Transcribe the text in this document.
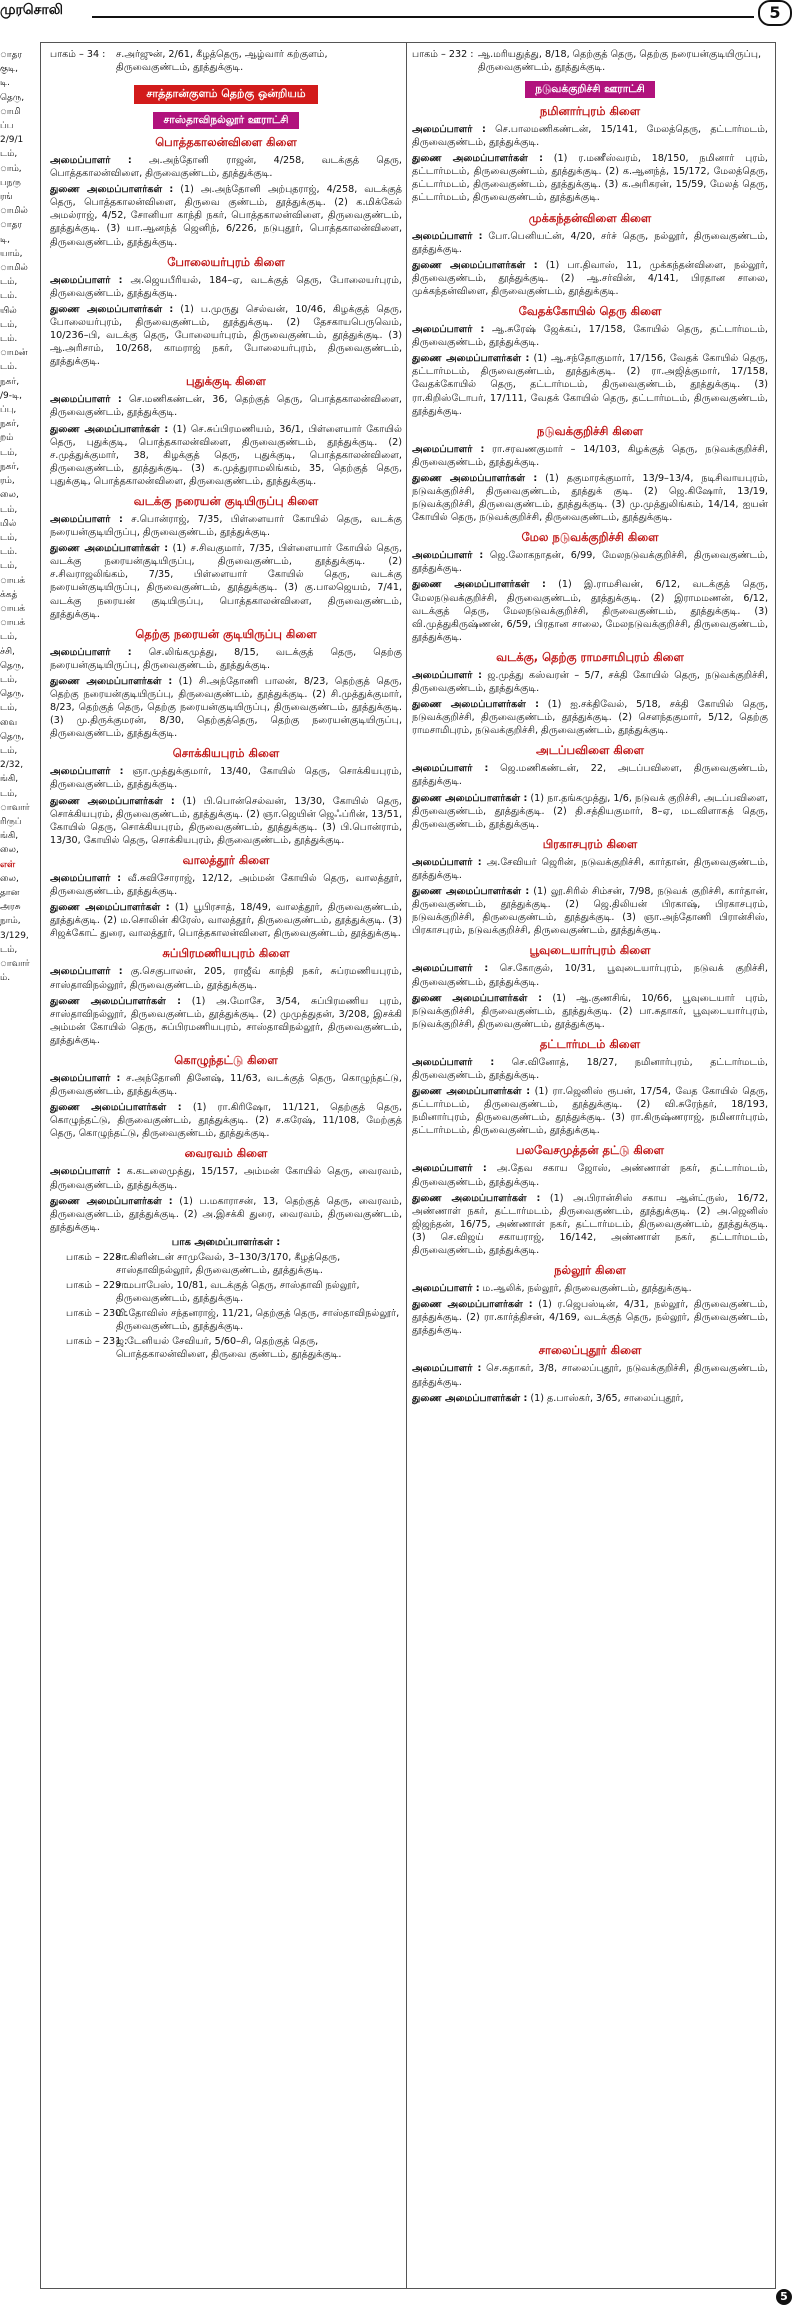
முரசொலி	5
ாதர
குடி,
டி.
தெரு,
ாமி
ப்ப
2/9/1
டம்,
ாம்,
பநரு
ரங்
ாமில்
ாதர
டி,
யாம்,
ாமில்
டம்,
டம்.
யில்
டம்,
டம்.
ாமன்
டம்.
நகர்,
/9-டி,
ப்பு,
நகர்,
றம்
டம்,
நகர்,
ரம்,
லை,
டம்,
மில்
டம்,
டம்.
டம்,
ாயக்
க்கத்
ாயக்
ாயக்
டம்,
ச்சி,
தெரு,
டம்,
தெரு,
டம்,
வை
தெரு,
டம்,
2/32,
ங்கி,
டம்,
ாவார்
ரிருப்
ங்கி,
லை,
எள்
லை,
தான
அரசு
நாம்,
3/129,
டம்,
ாவார்
ம்.
பாகம் – 34 :	ச.அர்ஜுன், 2/61, கீழத்தெரு, ஆழ்வார் கற்குளம், திருவைகுண்டம், தூத்துக்குடி.
சாத்தான்குளம் தெற்கு ஒன்றியம்
சாஸ்தாவிநல்லூர் ஊராட்சி
பொத்தகாலன்விளை கிளை

அமைப்பாளர் : அ.அந்தோனி ராஜன், 4/258, வடக்குத் தெரு, பொத்தகாலன்விளை, திருவைகுண்டம், தூத்துக்குடி.

துணை அமைப்பாளர்கள் : (1) அ.அந்தோனி அற்புதராஜ், 4/258, வடக்குத் தெரு, பொத்தகாலன்விளை, திருவை குண்டம், தூத்துக்குடி. (2) க.மிக்கேல் அமல்ராஜ், 4/52, சோனியா காந்தி நகர், பொத்தகாலன்விளை, திருவைகுண்டம், தூத்துக்குடி. (3) யா.ஆனந்த் ஜெனிந், 6/226, நடுபுதூர், பொத்தகாலன்விளை, திருவைகுண்டம், தூத்துக்குடி.

போலையர்புரம் கிளை

அமைப்பாளர் : அ.ஜெயபீரியல், 184–ஏ, வடக்குத் தெரு, போலையர்புரம், திருவைகுண்டம், தூத்துக்குடி.

துணை அமைப்பாளர்கள் : (1) ப.முருது செல்வன், 10/46, கிழக்குத் தெரு, போலையர்புரம், திருவைகுண்டம், தூத்துக்குடி. (2) தேசகாயபெருவெம், 10/236–பி, வடக்கு தெரு, போலையர்புரம், திருவைகுண்டம், தூத்துக்குடி. (3) ஆ.அரிசாம், 10/268, காமராஜ் நகர், போலையர்புரம், திருவைகுண்டம், தூத்துக்குடி.

புதுக்குடி கிளை

அமைப்பாளர் : செ.மணிகண்டன், 36, தெற்குத் தெரு, பொத்தகாலன்விளை, திருவைகுண்டம், தூத்துக்குடி.

துணை அமைப்பாளர்கள் : (1) செ.சுப்பிரமணியம், 36/1, பிள்ளையார் கோயில் தெரு, புதுக்குடி, பொத்தகாலன்விளை, திருவைகுண்டம், தூத்துக்குடி. (2) ச.முத்துக்குமார், 38, கிழக்குத் தெரு, புதுக்குடி, பொத்தகாலன்விளை, திருவைகுண்டம், தூத்துக்குடி. (3) க.முத்துராமலிங்கம், 35, தெற்குத் தெரு, புதுக்குடி, பொத்தகாலன்விளை, திருவைகுண்டம், தூத்துக்குடி.

வடக்கு நரையன் குடியிருப்பு கிளை

அமைப்பாளர் : ச.பொன்ராஜ், 7/35, பிள்ளையார் கோயில் தெரு, வடக்கு நரையன்குடியிருப்பு, திருவைகுண்டம், தூத்துக்குடி.

துணை அமைப்பாளர்கள் : (1) ச.சிவகுமார், 7/35, பிள்ளையார் கோயில் தெரு, வடக்கு நரையன்குடியிருப்பு, திருவைகுண்டம், தூத்துக்குடி. (2) ச.சிவராஜலிங்கம், 7/35, பிள்ளையார் கோயில் தெரு, வடக்கு நரையன்குடியிருப்பு, திருவைகுண்டம், தூத்துக்குடி. (3) கு.பாலஜெயம், 7/41, வடக்கு நரையன் குடியிருப்பு, பொத்தகாலன்விளை, திருவைகுண்டம், தூத்துக்குடி.

தெற்கு நரையன் குடியிருப்பு கிளை

அமைப்பாளர் : செ.லிங்கமுத்து, 8/15, வடக்குத் தெரு, தெற்கு நரையன்குடியிருப்பு, திருவைகுண்டம், தூத்துக்குடி.

துணை அமைப்பாளர்கள் : (1) சி.அந்தோணி பாலன், 8/23, தெற்குத் தெரு, தெற்கு நரையன்குடியிருப்பு, திருவைகுண்டம், தூத்துக்குடி. (2) சி.முத்துக்குமார், 8/23, தெற்குத் தெரு, தெற்கு நரையன்குடியிருப்பு, திருவைகுண்டம், தூத்துக்குடி. (3) மு.திருக்குமரன், 8/30, தெற்குத்தெரு, தெற்கு நரையன்குடியிருப்பு, திருவைகுண்டம், தூத்துக்குடி.

சொக்கியபுரம் கிளை

அமைப்பாளர் : ஞா.முத்துக்குமார், 13/40, கோயில் தெரு, சொக்கியபுரம், திருவைகுண்டம், தூத்துக்குடி.

துணை அமைப்பாளர்கள் : (1) பி.பொன்செல்வன், 13/30, கோயில் தெரு, சொக்கியபுரம், திருவைகுண்டம், தூத்துக்குடி. (2) ஞா.ஜெயின் ஜெஃப்ரின், 13/51, கோயில் தெரு, சொக்கியபுரம், திருவைகுண்டம், தூத்துக்குடி. (3) பி.பொன்ராம், 13/30, கோயில் தெரு, சொக்கியபுரம், திருவைகுண்டம், தூத்துக்குடி.

வாலத்தூர் கிளை

அமைப்பாளர் : வீ.சுவிசோராஜ், 12/12, அம்மன் கோயில் தெரு, வாலத்தூர், திருவைகுண்டம், தூத்துக்குடி.

துணை அமைப்பாளர்கள் : (1) பூபிரசாத், 18/49, வாலத்தூர், திருவைகுண்டம், தூத்துக்குடி. (2) ம.சொலின் கிரேஸ், வாலத்தூர், திருவைகுண்டம், தூத்துக்குடி. (3) சிஜக்கோட் துரை, வாலத்தூர், பொத்தகாலன்விளை, திருவைகுண்டம், தூத்துக்குடி.

சுப்பிரமணியபுரம் கிளை

அமைப்பாளர் : கு.செகுபாலன், 205, ராஜீவ் காந்தி நகர், சுப்ரமணியபுரம், சாஸ்தாவிநல்லூர், திருவைகுண்டம், தூத்துக்குடி.

துணை அமைப்பாளர்கள் : (1) அ.மோசே, 3/54, சுப்பிரமணிய புரம், சாஸ்தாவிநல்லூர், திருவைகுண்டம், தூத்துக்குடி. (2) முமுத்துதன், 3/208, இசக்கி அம்மன் கோயில் தெரு, சுப்பிரமணியபுரம், சாஸ்தாவிநல்லூர், திருவைகுண்டம், தூத்துக்குடி.

கொழுந்தட்டு கிளை

அமைப்பாளர் : ச.அந்தோனி தினேஷ், 11/63, வடக்குத் தெரு, கொழுந்தட்டு, திருவைகுண்டம், தூத்துக்குடி.

துணை அமைப்பாளர்கள் : (1) ரா.கிரிஷோ, 11/121, தெற்குத் தெரு, கொழுந்தட்டு, திருவைகுண்டம், தூத்துக்குடி. (2) ச.கரேஷ், 11/108, மேற்குத் தெரு, கொழுந்தட்டு, திருவைகுண்டம், தூத்துக்குடி.

வைரவம் கிளை

அமைப்பாளர் : க.கடலைமுத்து, 15/157, அம்மன் கோயில் தெரு, வைரவம், திருவைகுண்டம், தூத்துக்குடி.

துணை அமைப்பாளர்கள் : (1) ப.மகாராசன், 13, தெற்குத் தெரு, வைரவம், திருவைகுண்டம், தூத்துக்குடி. (2) அ.இசக்கி துரை, வைரவம், திருவைகுண்டம், தூத்துக்குடி.

பாக அமைப்பாளர்கள் :
பாகம் – 228 :
சா.கிளின்டன் சாமுவேல், 3–130/3/170, கீழத்தெரு, சாஸ்தாவிநல்லூர், திருவைகுண்டம், தூத்துக்குடி.
பாகம் – 229 :
சாமபாபேஸ், 10/81, வடக்குத் தெரு, சாஸ்தாவி நல்லூர், திருவைகுண்டம், தூத்துக்குடி.
பாகம் – 230 :
மி.தோவிஸ் சந்தனராஜ், 11/21, தெற்குத் தெரு, சாஸ்தாவிநல்லூர், திருவைகுண்டம், தூத்துக்குடி.
பாகம் – 231 :
ஜ.டேனியல் சேவியர், 5/60–சி, தெற்குத் தெரு, பொத்தகாலன்விளை, திருவை குண்டம், தூத்துக்குடி.
பாகம் – 232 : ஆ.மரியதுத்து, 8/18, தெற்குத் தெரு, தெற்கு நரையன்குடியிருப்பு, திருவைகுண்டம், தூத்துக்குடி.
நடுவக்குறிச்சி ஊராட்சி
நமினார்புரம் கிளை

அமைப்பாளர் : செ.பாலமணிகண்டன், 15/141, மேலத்தெரு, தட்டார்மடம், திருவைகுண்டம், தூத்துக்குடி.

துணை அமைப்பாளர்கள் : (1) ர.மணீஸ்வரம், 18/150, நமினார் புரம், தட்டார்மடம், திருவைகுண்டம், தூத்துக்குடி. (2) க.ஆனந்த், 15/172, மேலத்தெரு, தட்டார்மடம், திருவைகுண்டம், தூத்துக்குடி. (3) க.அரிகரன், 15/59, மேலத் தெரு, தட்டார்மடம், திருவைகுண்டம், தூத்துக்குடி.

முக்கந்தன்விளை கிளை

அமைப்பாளர் : போ.பெனியட்ன், 4/20, சர்ச் தெரு, நல்லூர், திருவைகுண்டம், தூத்துக்குடி.

துணை அமைப்பாளர்கள் : (1) பா.திவாஸ், 11, முக்கந்தன்விளை, நல்லூர், திருவைகுண்டம், தூத்துக்குடி. (2) ஆ.சர்வின், 4/141, பிரதான சாலை, முக்கந்தன்விளை, திருவைகுண்டம், தூத்துக்குடி.

வேதக்கோயில் தெரு கிளை

அமைப்பாளர் : ஆ.சுரேஷ் ஜேக்கப், 17/158, கோயில் தெரு, தட்டார்மடம், திருவைகுண்டம், தூத்துக்குடி.

துணை அமைப்பாளர்கள் : (1) ஆ.சந்தோகுமார், 17/156, வேதக் கோயில் தெரு, தட்டார்மடம், திருவைகுண்டம், தூத்துக்குடி. (2) ரா.அஜித்குமார், 17/158, வேதக்கோயில் தெரு, தட்டார்மடம், திருவைகுண்டம், தூத்துக்குடி. (3) ரா.கிறிஸ்டோபர், 17/111, வேதக் கோயில் தெரு, தட்டார்மடம், திருவைகுண்டம், தூத்துக்குடி.

நடுவக்குறிச்சி கிளை

அமைப்பாளர் : ரா.சரவணகுமார் – 14/103, கிழக்குத் தெரு, நடுவக்குறிச்சி, திருவைகுண்டம், தூத்துக்குடி.

துணை அமைப்பாளர்கள் : (1) தகுமாரக்குமார், 13/9–13/4, நடிசிவாயபுரம், நடுவக்குறிச்சி, திருவைகுண்டம், தூத்துக் குடி. (2) ஜெ.கிஷோர், 13/19, நடுவக்குறிச்சி, திருவைகுண்டம், தூத்துக்குடி. (3) மு.முத்துலிங்கம், 14/14, ஐயன் கோயில் தெரு, நடுவக்குறிச்சி, திருவைகுண்டம், தூத்துக்குடி.

மேல நடுவக்குறிச்சி கிளை

அமைப்பாளர் : ஜெ.லோகநாதன், 6/99, மேலநடுவக்குறிச்சி, திருவைகுண்டம், தூத்துக்குடி.

துணை அமைப்பாளர்கள் : (1) இ.ராமசிவன், 6/12, வடக்குத் தெரு, மேலநடுவக்குறிச்சி, திருவைகுண்டம், தூத்துக்குடி. (2) இராமமணன், 6/12, வடக்குத் தெரு, மேலநடுவக்குறிச்சி, திருவைகுண்டம், தூத்துக்குடி. (3) வி.முத்துகிருஷ்ணன், 6/59, பிரதான சாலை, மேலநடுவக்குறிச்சி, திருவைகுண்டம், தூத்துக்குடி.

வடக்கு, தெற்கு ராமசாமிபுரம் கிளை

அமைப்பாளர் : ஜ.முத்து கஸ்வரன் – 5/7, சக்தி கோயில் தெரு, நடுவக்குறிச்சி, திருவைகுண்டம், தூத்துக்குடி.

துணை அமைப்பாளர்கள் : (1) ஐ.சக்திவேல், 5/18, சக்தி கோயில் தெரு, நடுவக்குறிச்சி, திருவைகுண்டம், தூத்துக்குடி. (2) செளந்தகுமார், 5/12, தெற்கு ராமசாமிபுரம், நடுவக்குறிச்சி, திருவைகுண்டம், தூத்துக்குடி.

அடப்பவிளை கிளை

அமைப்பாளர் : ஜெ.மணிகண்டன், 22, அடப்பவிளை, திருவைகுண்டம், தூத்துக்குடி.

துணை அமைப்பாளர்கள் : (1) நா.தங்கமுத்து, 1/6, நடுவக் குறிச்சி, அடப்பவிளை, திருவைகுண்டம், தூத்துக்குடி. (2) தி.சத்தியகுமார், 8–ஏ, மடவிளாகத் தெரு, திருவைகுண்டம், தூத்துக்குடி.

பிரகாசபுரம் கிளை

அமைப்பாளர் : அ.சேவியர் ஜெரின், நடுவக்குறிச்சி, கார்தான், திருவைகுண்டம், தூத்துக்குடி.

துணை அமைப்பாளர்கள் : (1) லூ.சிரில் சிம்சன், 7/98, நடுவக் குறிச்சி, கார்தான், திருவைகுண்டம், தூத்துக்குடி. (2) ஜெ.திலியன் பிரகாஷ், பிரகாசபுரம், நடுவக்குறிச்சி, திருவைகுண்டம், தூத்துக்குடி. (3) ஞா.அந்தோணி பிரான்சிஸ், பிரகாசபுரம், நடுவக்குறிச்சி, திருவைகுண்டம், தூத்துக்குடி.

பூவுடையார்புரம் கிளை

அமைப்பாளர் : செ.கோகுல், 10/31, பூவுடையார்புரம், நடுவக் குறிச்சி, திருவைகுண்டம், தூத்துக்குடி.

துணை அமைப்பாளர்கள் : (1) ஆ.குணசிங், 10/66, பூவுடையார் புரம், நடுவக்குறிச்சி, திருவைகுண்டம், தூத்துக்குடி. (2) பா.சுதாகர், பூவுடையார்புரம், நடுவக்குறிச்சி, திருவைகுண்டம், தூத்துக்குடி.

தட்டார்மடம் கிளை

அமைப்பாளர் : செ.வினோத், 18/27, நமினார்புரம், தட்டார்மடம், திருவைகுண்டம், தூத்துக்குடி.

துணை அமைப்பாளர்கள் : (1) ரா.ஜெனிஸ் ரூபன், 17/54, வேத கோயில் தெரு, தட்டார்மடம், திருவைகுண்டம், தூத்துக்குடி. (2) வி.சுரேந்தர், 18/193, நமினார்புரம், திருவைகுண்டம், தூத்துக்குடி. (3) ரா.கிருஷ்ணராஜ், நமினார்புரம், தட்டார்மடம், திருவைகுண்டம், தூத்துக்குடி.

பலவேசமுத்தன் தட்டு கிளை

அமைப்பாளர் : அ.தேவ சகாய ஜோஸ், அண்ணாள் நகர், தட்டார்மடம், திருவைகுண்டம், தூத்துக்குடி.

துணை அமைப்பாளர்கள் : (1) அ.பிரான்சிஸ் சகாய ஆன்ட்ருஸ், 16/72, அண்ணாள் நகர், தட்டார்மடம், திருவைகுண்டம், தூத்துக்குடி. (2) அ.ஜெனிஸ் ஜிஜந்தன், 16/75, அண்ணாள் நகர், தட்டார்மடம், திருவைகுண்டம், தூத்துக்குடி. (3) செ.விஜய் சகாயராஜ், 16/142, அண்ணாள் நகர், தட்டார்மடம், திருவைகுண்டம், தூத்துக்குடி.

நல்லூர் கிளை

அமைப்பாளர் : ம.ஆலிக், நல்லூர், திருவைகுண்டம், தூத்துக்குடி.

துணை அமைப்பாளர்கள் : (1) ர.ஜெபஸ்டின், 4/31, நல்லூர், திருவைகுண்டம், தூத்துக்குடி. (2) ரா.கார்த்திசன், 4/169, வடக்குத் தெரு, நல்லூர், திருவைகுண்டம், தூத்துக்குடி.

சாலைப்புதூர் கிளை

அமைப்பாளர் : செ.சுதாகர், 3/8, சாலைப்புதூர், நடுவக்குறிச்சி, திருவைகுண்டம், தூத்துக்குடி.

துணை அமைப்பாளர்கள் : (1) த.பாஸ்கர், 3/65, சாலைப்புதூர்,

5
